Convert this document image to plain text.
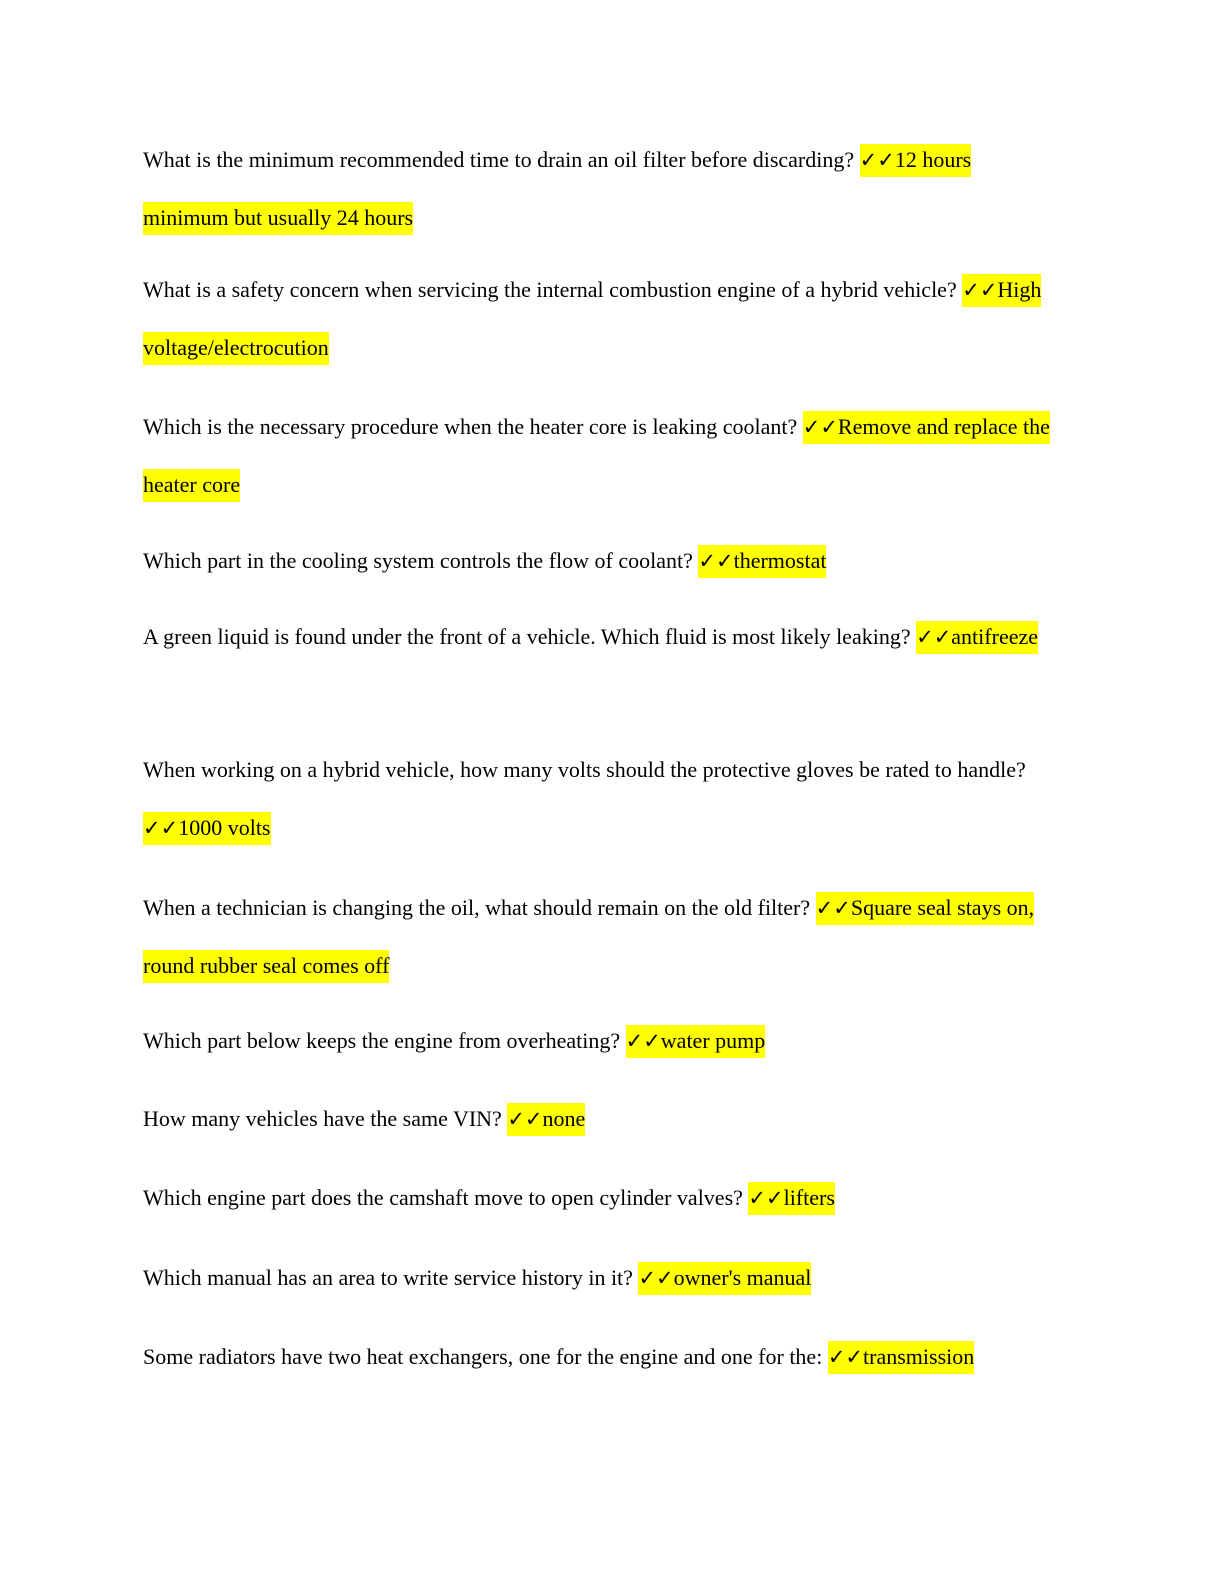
What is the minimum recommended time to drain an oil filter before discarding? ✓✓12 hours minimum but usually 24 hours

What is a safety concern when servicing the internal combustion engine of a hybrid vehicle? ✓✓High voltage/electrocution

Which is the necessary procedure when the heater core is leaking coolant? ✓✓Remove and replace the heater core

Which part in the cooling system controls the flow of coolant? ✓✓thermostat

A green liquid is found under the front of a vehicle. Which fluid is most likely leaking? ✓✓antifreeze

When working on a hybrid vehicle, how many volts should the protective gloves be rated to handle? ✓✓1000 volts

When a technician is changing the oil, what should remain on the old filter? ✓✓Square seal stays on, round rubber seal comes off

Which part below keeps the engine from overheating? ✓✓water pump

How many vehicles have the same VIN? ✓✓none

Which engine part does the camshaft move to open cylinder valves? ✓✓lifters

Which manual has an area to write service history in it? ✓✓owner's manual

Some radiators have two heat exchangers, one for the engine and one for the: ✓✓transmission
